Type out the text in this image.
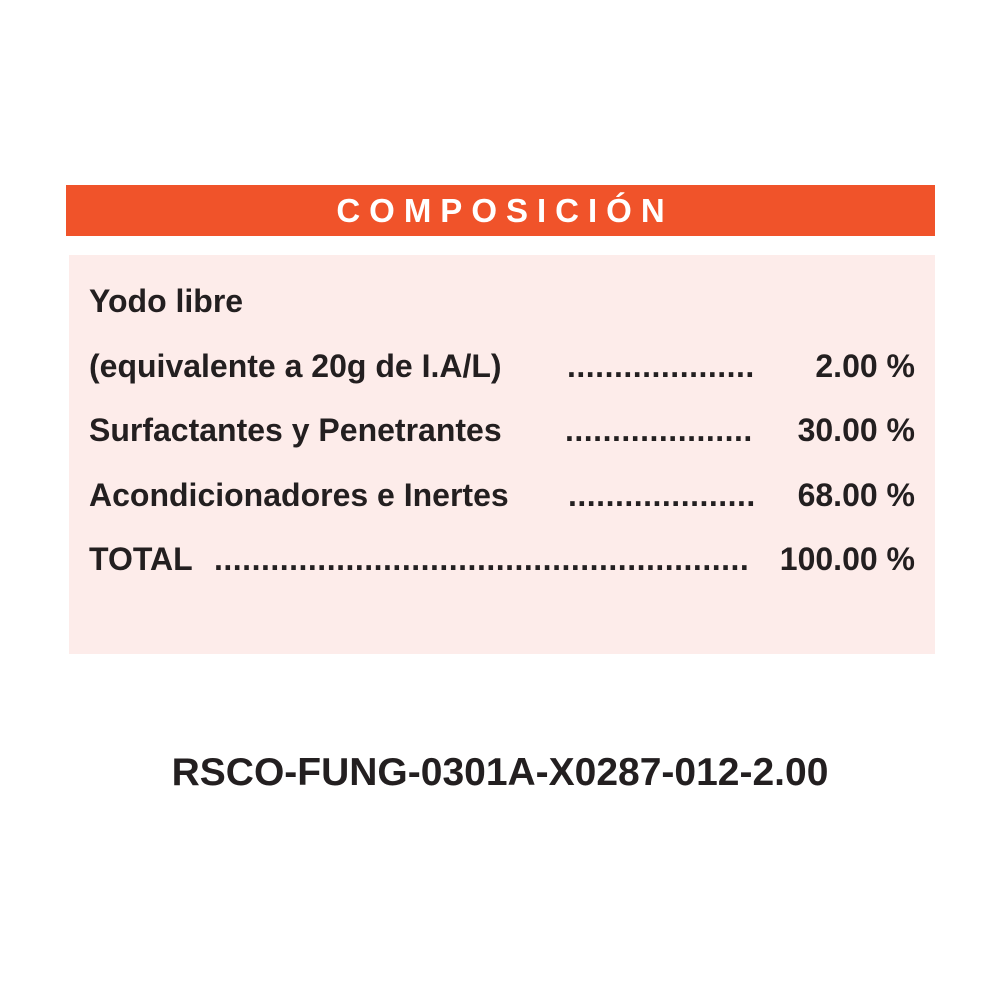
COMPOSICIÓN
Yodo libre
(equivalente a 20g de I.A/L) ....................	2.00 %
Surfactantes y Penetrantes .................... 30.00 %
Acondicionadores e Inertes .................... 68.00 %
TOTAL ......................................................... 100.00 %
RSCO-FUNG-0301A-X0287-012-2.00
